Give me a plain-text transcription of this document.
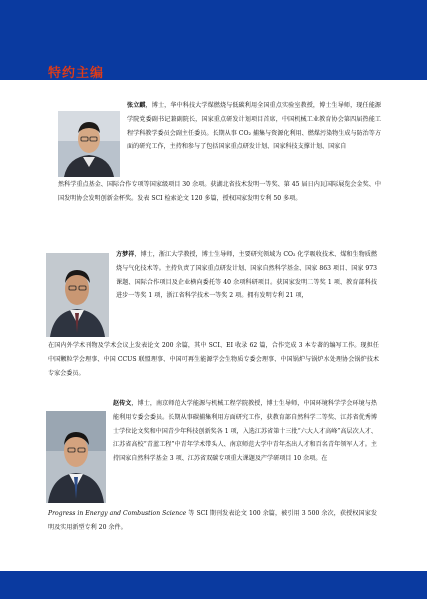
特约主编

张立麒，博士，华中科技大学煤燃烧与低碳利用全国重点实验室教授，博士生导师，现任能源学院党委副书记兼副院长，国家重点研发计划项目首席，中国机械工业教育协会第四届热能工程学科教学委员会副主任委员。长期从事 CO₂ 捕集与资源化利用、燃煤污染物生成与防治等方面的研究工作，主持和参与了包括国家重点研发计划、国家科技支撑计划、国家自

然科学重点基金、国际合作专项等国家级项目 30 余项。获湖北省技术发明一等奖、第 45 届日内瓦国际展览会金奖、中国发明协会发明创新金杯奖。发表 SCI 检索论文 120 多篇，授权国家发明专利 50 多项。

方梦祥，博士，浙江大学教授，博士生导师，主要研究领域为 CO₂ 化学吸收技术、煤和生物质燃烧与气化技术等。主持负责了国家重点研发计划、国家自然科学基金、国家 863 项目、国家 973 课题、国际合作项目及企业横向委托等 40 余项科研项目。获国家发明二等奖 1 项、教育部科技进步一等奖 1 项，浙江省科学技术一等奖 2 项。拥有发明专利 21 项，

在国内外学术刊物及学术会议上发表论文 200 余篇，其中 SCI、EI 收录 62 篇，合作完成 3 本专著的编写工作。现担任中国颗粒学会理事、中国 CCUS 联盟理事、中国可再生能源学会生物质专委会理事、中国锅炉与锅炉水处理协会锅炉技术专家会委员。

赵传文，博士，南京师范大学能源与机械工程学院教授，博士生导师，中国环境科学学会环境与热能利用专委会委员。长期从事碳捕集利用方面研究工作，获教育部自然科学二等奖、江苏省优秀博士学位论文奖和中国青少年科技创新奖各 1 项，入选江苏省第十三批“六大人才高峰”高层次人才、江苏省高校“青蓝工程”中青年学术带头人、南京师范大学中青年杰出人才和百名青年领军人才。主持国家自然科学基金 3 项、江苏省双碳专项重大课题及产学研项目 10 余项。在

Progress in Energy and Combustion Science 等 SCI 期刊发表论文 100 余篇，被引用 3 500 余次，获授权国家发明及实用新型专利 20 余件。
